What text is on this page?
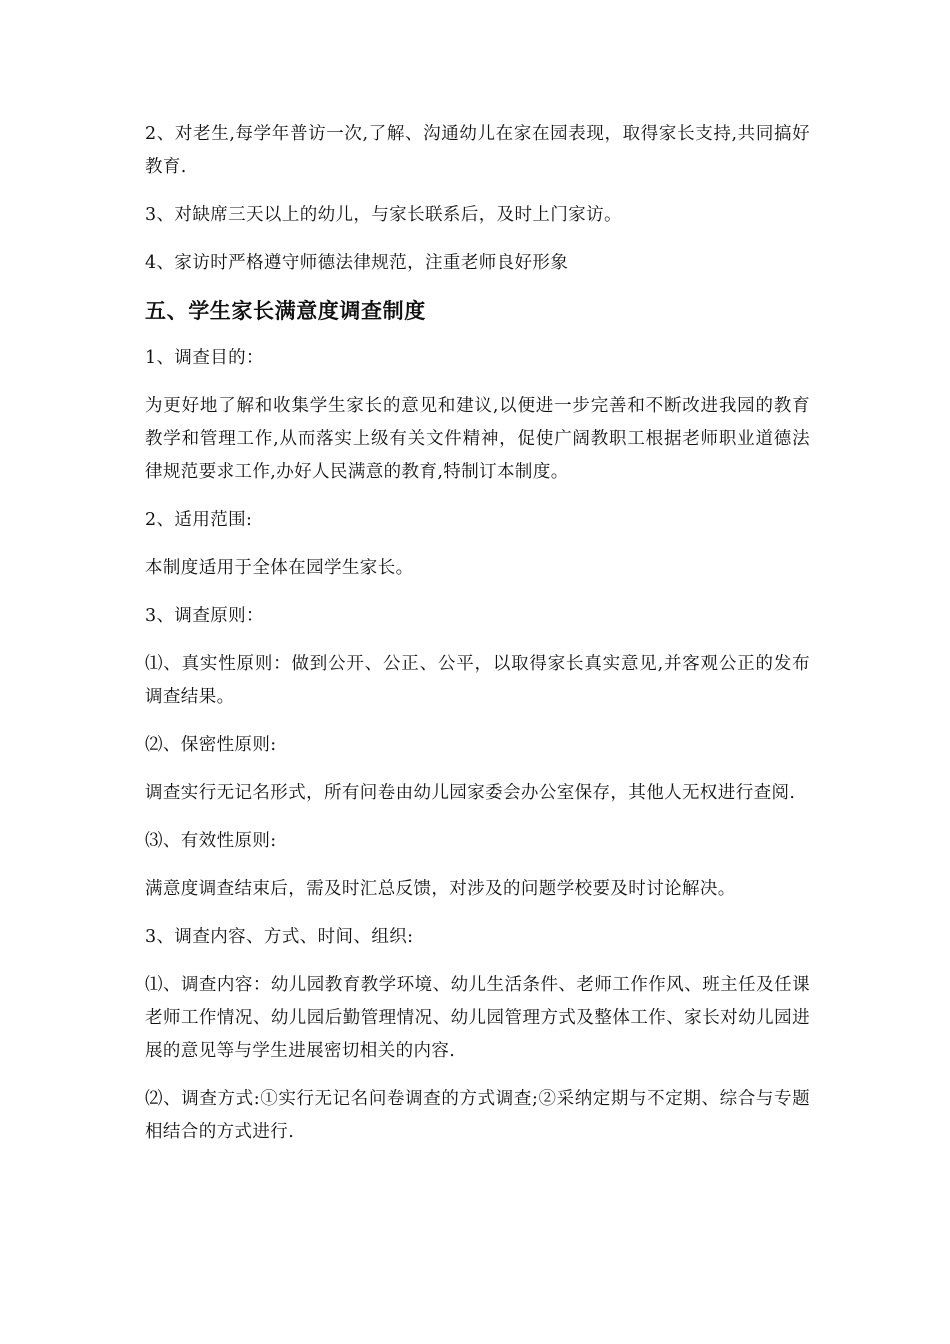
2、对老生,每学年普访一次,了解、沟通幼儿在家在园表现，取得家长支持,共同搞好教育.

3、对缺席三天以上的幼儿，与家长联系后，及时上门家访。

4、家访时严格遵守师德法律规范，注重老师良好形象

五、学生家长满意度调查制度

1、调查目的：

为更好地了解和收集学生家长的意见和建议,以便进一步完善和不断改进我园的教育教学和管理工作,从而落实上级有关文件精神，促使广阔教职工根据老师职业道德法律规范要求工作,办好人民满意的教育,特制订本制度。

2、适用范围:

本制度适用于全体在园学生家长。

3、调查原则：

⑴、真实性原则：做到公开、公正、公平，以取得家长真实意见,并客观公正的发布调查结果。

⑵、保密性原则:

调查实行无记名形式，所有问卷由幼儿园家委会办公室保存，其他人无权进行查阅.

⑶、有效性原则:

满意度调查结束后，需及时汇总反馈，对涉及的问题学校要及时讨论解决。

3、调查内容、方式、时间、组织:

⑴、调查内容：幼儿园教育教学环境、幼儿生活条件、老师工作作风、班主任及任课老师工作情况、幼儿园后勤管理情况、幼儿园管理方式及整体工作、家长对幼儿园进展的意见等与学生进展密切相关的内容.

⑵、调查方式:①实行无记名问卷调查的方式调查;②采纳定期与不定期、综合与专题相结合的方式进行.
